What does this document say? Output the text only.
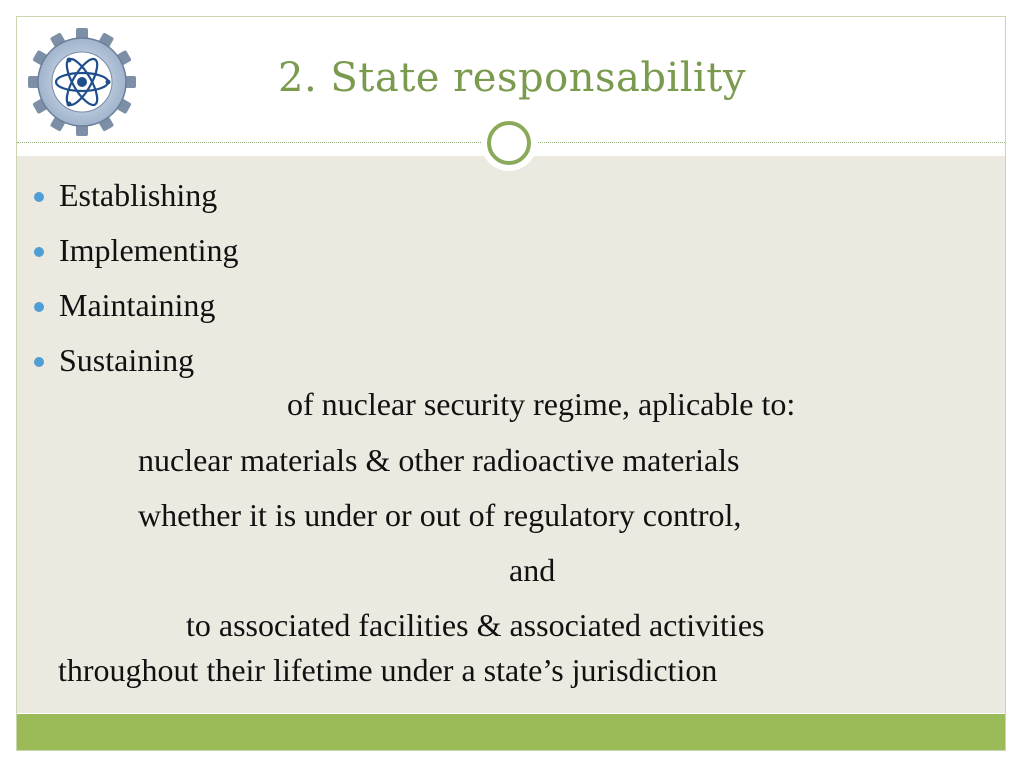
2. State responsability
Establishing
Implementing
Maintaining
Sustaining
of nuclear security regime, aplicable to:
nuclear materials & other radioactive materials
whether it is under or out of regulatory control,
and
to associated facilities & associated activities
throughout their lifetime under a state’s jurisdiction
